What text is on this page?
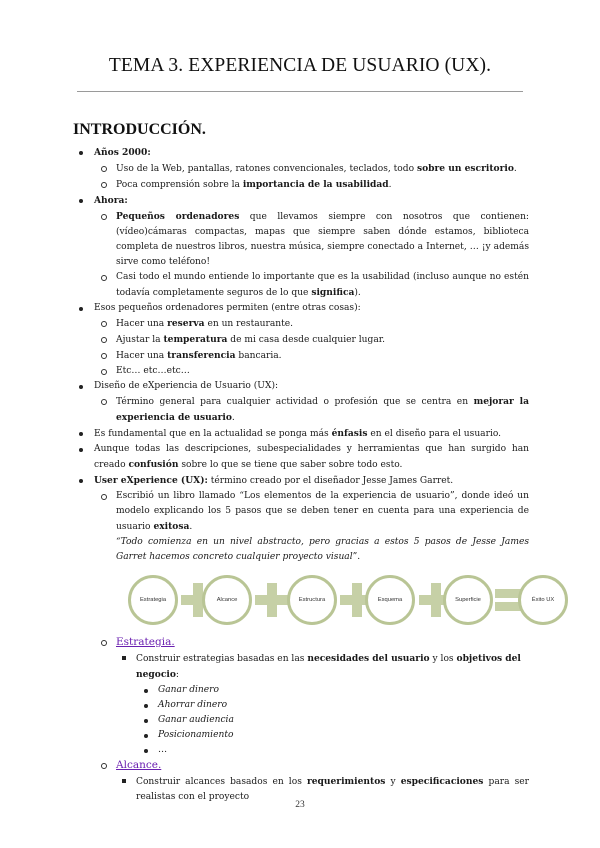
TEMA 3. EXPERIENCIA DE USUARIO (UX).
INTRODUCCIÓN.
Años 2000:
Uso de la Web, pantallas, ratones convencionales, teclados, todo sobre un escritorio.
Poca comprensión sobre la importancia de la usabilidad.
Ahora:
Pequeños ordenadores que llevamos siempre con nosotros que contienen: (vídeo)cámaras compactas, mapas que siempre saben dónde estamos, biblioteca completa de nuestros libros, nuestra música, siempre conectado a Internet, … ¡y además sirve como teléfono!
Casi todo el mundo entiende lo importante que es la usabilidad (incluso aunque no estén todavía completamente seguros de lo que significa).
Esos pequeños ordenadores permiten (entre otras cosas):
Hacer una reserva en un restaurante.
Ajustar la temperatura de mi casa desde cualquier lugar.
Hacer una transferencia bancaria.
Etc… etc…etc…
Diseño de eXperiencia de Usuario (UX):
Término general para cualquier actividad o profesión que se centra en mejorar la experiencia de usuario.
Es fundamental que en la actualidad se ponga más énfasis en el diseño para el usuario.
Aunque todas las descripciones, subespecialidades y herramientas que han surgido han creado confusión sobre lo que se tiene que saber sobre todo esto.
User eXperience (UX): término creado por el diseñador Jesse James Garret.
Escribió un libro llamado “Los elementos de la experiencia de usuario”, donde ideó un modelo explicando los 5 pasos que se deben tener en cuenta para una experiencia de usuario exitosa.
“Todo comienza en un nivel abstracto, pero gracias a estos 5 pasos de Jesse James Garret hacemos concreto cualquier proyecto visual”.
Estrategia	Alcance	Estructura	Esquema	Superficie	Éxito UX
Estrategia.
Construir estrategias basadas en las necesidades del usuario y los objetivos del negocio:
Ganar dinero
Ahorrar dinero
Ganar audiencia
Posicionamiento
…
Alcance.
Construir alcances basados en los requerimientos y especificaciones para ser realistas con el proyecto
23
